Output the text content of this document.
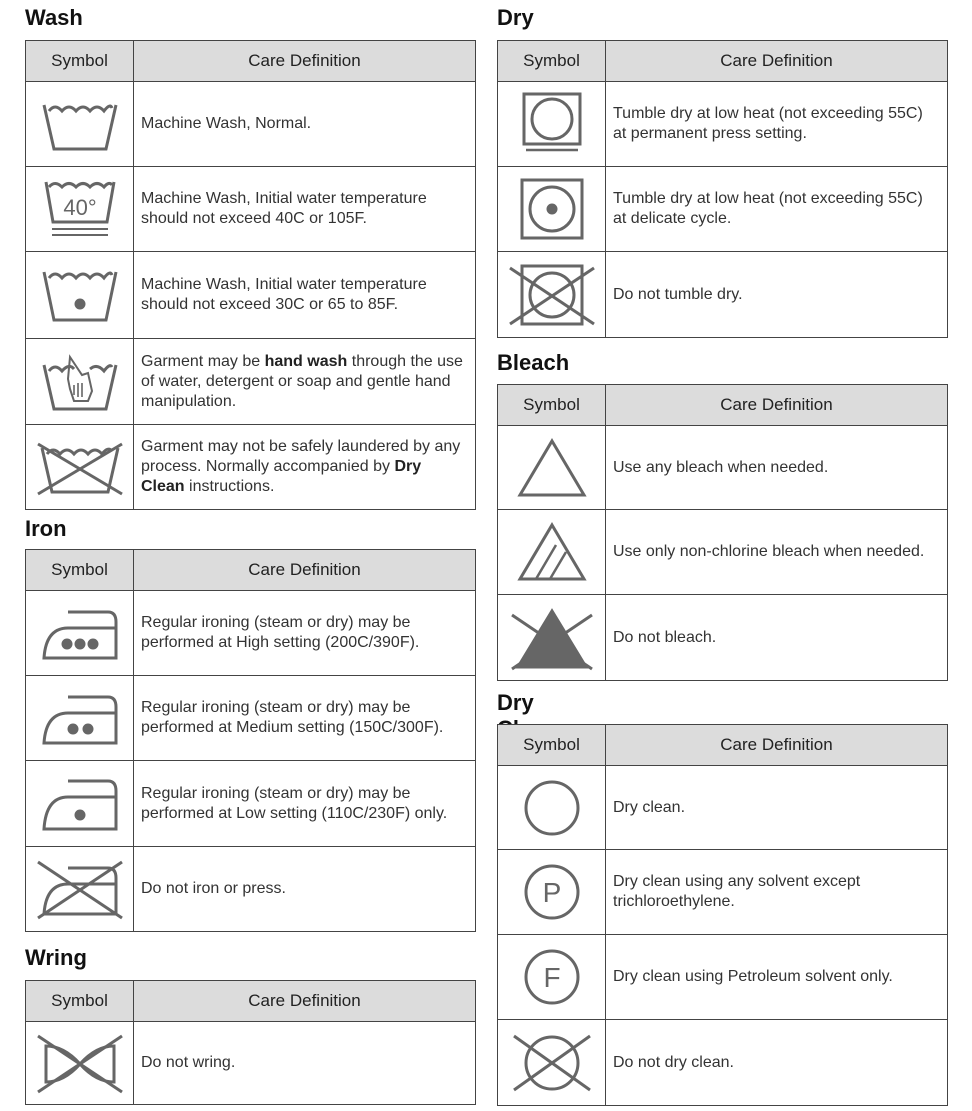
Wash
Symbol	Care Definition

	Machine Wash, Normal.

40°	Machine Wash, Initial water temperature should not exceed 40C or 105F.

	Machine Wash, Initial water temperature should not exceed 30C or 65 to 85F.

	Garment may be hand wash through the use of water, detergent or soap and gentle hand manipulation.

	Garment may not be safely laundered by any process. Normally accompanied by Dry Clean instructions.
Iron
Symbol	Care Definition

	Regular ironing (steam or dry) may be performed at High setting (200C/390F).

	Regular ironing (steam or dry) may be performed at Medium setting (150C/300F).

	Regular ironing (steam or dry) may be performed at Low setting (110C/230F) only.

	Do not iron or press.
Wring
Symbol	Care Definition

	Do not wring.
Dry
Symbol	Care Definition

	Tumble dry at low heat (not exceeding 55C) at permanent press setting.

	Tumble dry at low heat (not exceeding 55C) at delicate cycle.

	Do not tumble dry.
Bleach
Symbol	Care Definition

	Use any bleach when needed.

	Use only non-chlorine bleach when needed.

	Do not bleach.
Dry
Symbol	Care Definition

	Dry clean.

P	Dry clean using any solvent except trichloroethylene.

F	Dry clean using Petroleum solvent only.

	Do not dry clean.
